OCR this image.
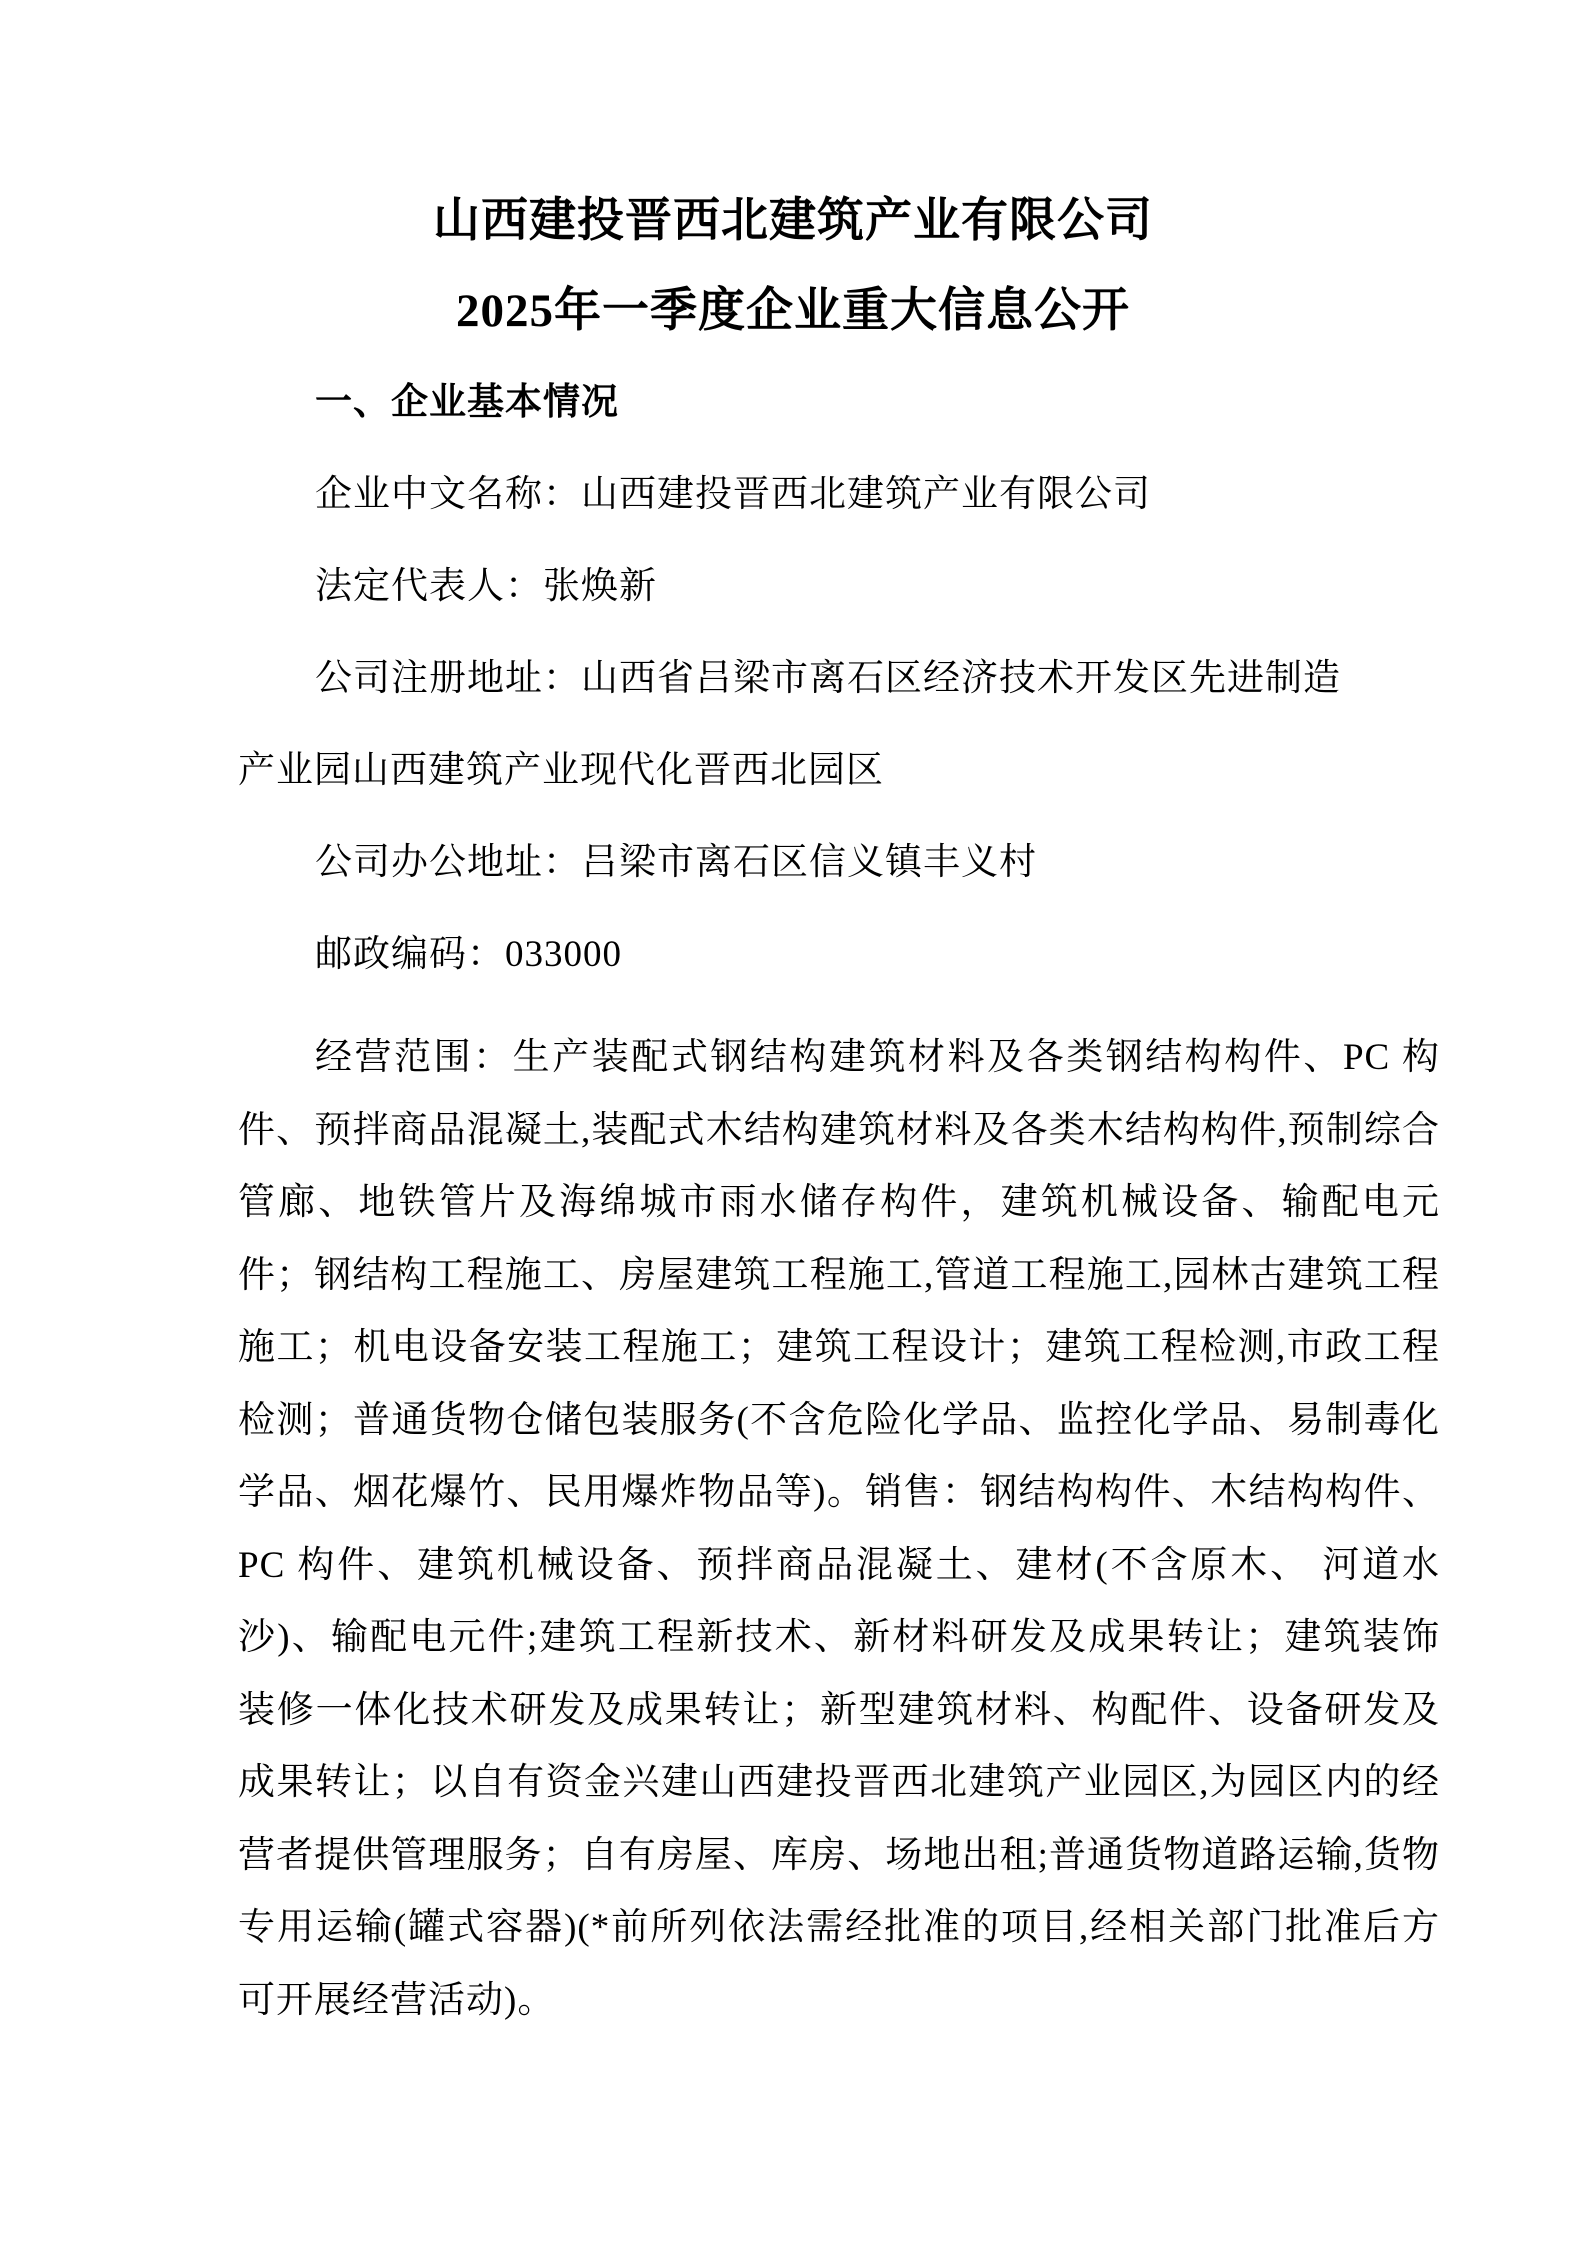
山西建投晋西北建筑产业有限公司
2025年一季度企业重大信息公开
一、企业基本情况

企业中文名称：山西建投晋西北建筑产业有限公司

法定代表人：张焕新

公司注册地址：山西省吕梁市离石区经济技术开发区先进制造

产业园山西建筑产业现代化晋西北园区

公司办公地址：吕梁市离石区信义镇丰义村

邮政编码：033000

经营范围：生产装配式钢结构建筑材料及各类钢结构构件、PC 构件、预拌商品混凝土,装配式木结构建筑材料及各类木结构构件,预制综合管廊、地铁管片及海绵城市雨水储存构件，建筑机械设备、输配电元件；钢结构工程施工、房屋建筑工程施工,管道工程施工,园林古建筑工程施工；机电设备安装工程施工；建筑工程设计；建筑工程检测,市政工程检测；普通货物仓储包装服务(不含危险化学品、监控化学品、易制毒化学品、烟花爆竹、民用爆炸物品等)。销售：钢结构构件、木结构构件、PC 构件、建筑机械设备、预拌商品混凝土、建材(不含原木、 河道水沙)、输配电元件;建筑工程新技术、新材料研发及成果转让；建筑装饰装修一体化技术研发及成果转让；新型建筑材料、构配件、设备研发及成果转让；以自有资金兴建山西建投晋西北建筑产业园区,为园区内的经营者提供管理服务；自有房屋、库房、场地出租;普通货物道路运输,货物专用运输(罐式容器)(*前所列依法需经批准的项目,经相关部门批准后方可开展经营活动)。
